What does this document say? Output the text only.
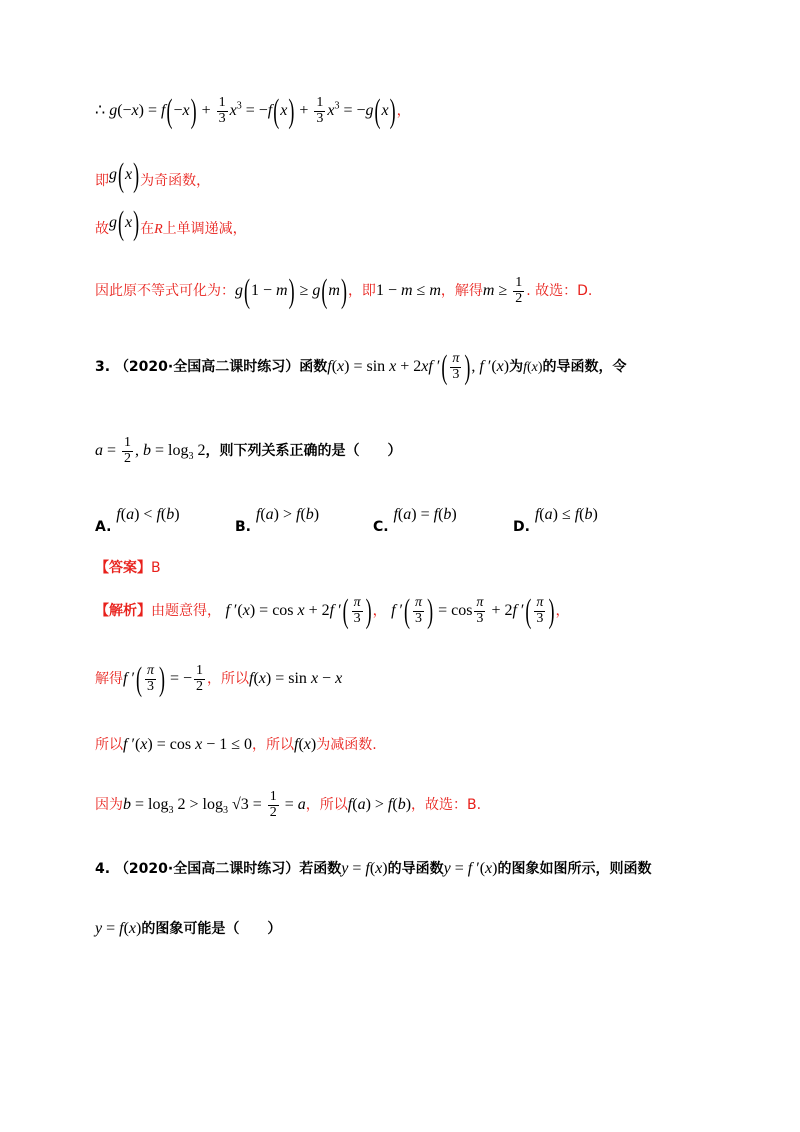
∴ $g(-x) = f(-x) + \frac{1}{3} x^3 = -f(x) + \frac{1}{3} x^3 = -g(x)$，
即g(x)为奇函数，
故g(x)在R上单调递减，
因此原不等式可化为：g(1 − m) ≥ g(m)，即1 − m ≤ m，解得$m \ge \frac{1}{2}$ . 故选：D.
3. （2020·全国高二课时练习）函数f(x) = sin x + 2xf ′( $\frac{\pi}{3}$ ), f ′(x)为f(x)的导函数，令
$a = \frac{1}{2}$ , $b = \log_3 2$，则下列关系正确的是（　　）
A. f(a) < f(b)
B. f(a) > f(b)
C. f(a) = f(b)
D. f(a) ≤ f(b)
【答案】B
【解析】由题意得， f ′(x) = cos x + 2f ′( $\frac{\pi}{3}$ )， f ′( $\frac{\pi}{3}$ ) = $\cos \frac{\pi}{3} + 2f$ ′( $\frac{\pi}{3}$ )，
解得f ′( $\frac{\pi}{3}$ ) = − $\frac{1}{2}$ ，所以f(x) = sin x − x
所以f ′(x) = cos x − 1 ≤ 0，所以f(x)为减函数.
因为$b = \log_3 2 > \log_3 √3 = \frac{1}{2} = a$，所以f(a) > f(b)，故选：B.
4. （2020·全国高二课时练习）若函数y = f(x)的导函数y = f ′(x)的图象如图所示，则函数
y = f(x)的图象可能是（　　）
